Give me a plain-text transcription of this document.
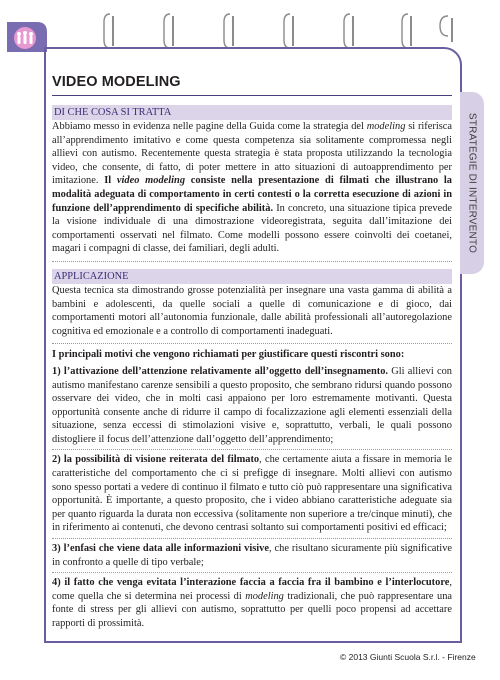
STRATEGIE DI INTERVENTO
VIDEO MODELING
DI CHE COSA SI TRATTA

Abbiamo messo in evidenza nelle pagine della Guida come la strategia del modeling si riferisca all’apprendimento imitativo e come questa competenza sia solitamente compromessa negli allievi con autismo. Recentemente questa strategia è stata proposta utilizzando la tecnologia video, che consente, di fatto, di poter mettere in atto situazioni di autoapprendimento per imitazione. Il video modeling consiste nella presentazione di filmati che illustrano la modalità adeguata di comportamento in certi contesti o la corretta esecuzione di azioni in funzione dell’apprendimento di specifiche abilità. In concreto, una situazione tipica prevede la visione individuale di una dimostrazione videoregistrata, seguita dall’imitazione dei comportamenti osservati nel filmato. Come modelli possono essere coinvolti dei coetanei, magari i compagni di classe, dei familiari, degli adulti.

APPLICAZIONE

Questa tecnica sta dimostrando grosse potenzialità per insegnare una vasta gamma di abilità a bambini e adolescenti, da quelle sociali a quelle di comunicazione e di gioco, dai comportamenti motori all’autonomia funzionale, dalle abilità professionali all’autoregolazione cognitiva ed emozionale e a controllo di comportamenti inadeguati.

I principali motivi che vengono richiamati per giustificare questi riscontri sono:

1) l’attivazione dell’attenzione relativamente all’oggetto dell’insegnamento. Gli allievi con autismo manifestano carenze sensibili a questo proposito, che sembrano ridursi quando possono osservare dei video, che in molti casi appaiono per loro estremamente motivanti. Questa opportunità consente anche di ridurre il campo di focalizzazione agli elementi essenziali della situazione, senza eccessi di stimolazioni visive e, soprattutto, verbali, le quali possono distogliere il focus dell’attenzione dall’oggetto dell’apprendimento;

2) la possibilità di visione reiterata del filmato, che certamente aiuta a fissare in memoria le caratteristiche del comportamento che ci si prefigge di insegnare. Molti allievi con autismo sono spesso portati a vedere di continuo il filmato e tutto ciò può rappresentare una significativa opportunità. È importante, a questo proposito, che i video abbiano caratteristiche adeguate sia per quanto riguarda la durata non eccessiva (solitamente non superiore a tre/cinque minuti), che in riferimento ai contenuti, che devono centrasi soltanto sui comportamenti positivi ed efficaci;

3) l’enfasi che viene data alle informazioni visive, che risultano sicuramente più significative in confronto a quelle di tipo verbale;

4) il fatto che venga evitata l’interazione faccia a faccia fra il bambino e l’interlocutore, come quella che si determina nei processi di modeling tradizionali, che può rappresentare una fonte di stress per gli allievi con autismo, soprattutto per quelli poco propensi ad accettare rapporti di prossimità.

© 2013 Giunti Scuola S.r.l. - Firenze
